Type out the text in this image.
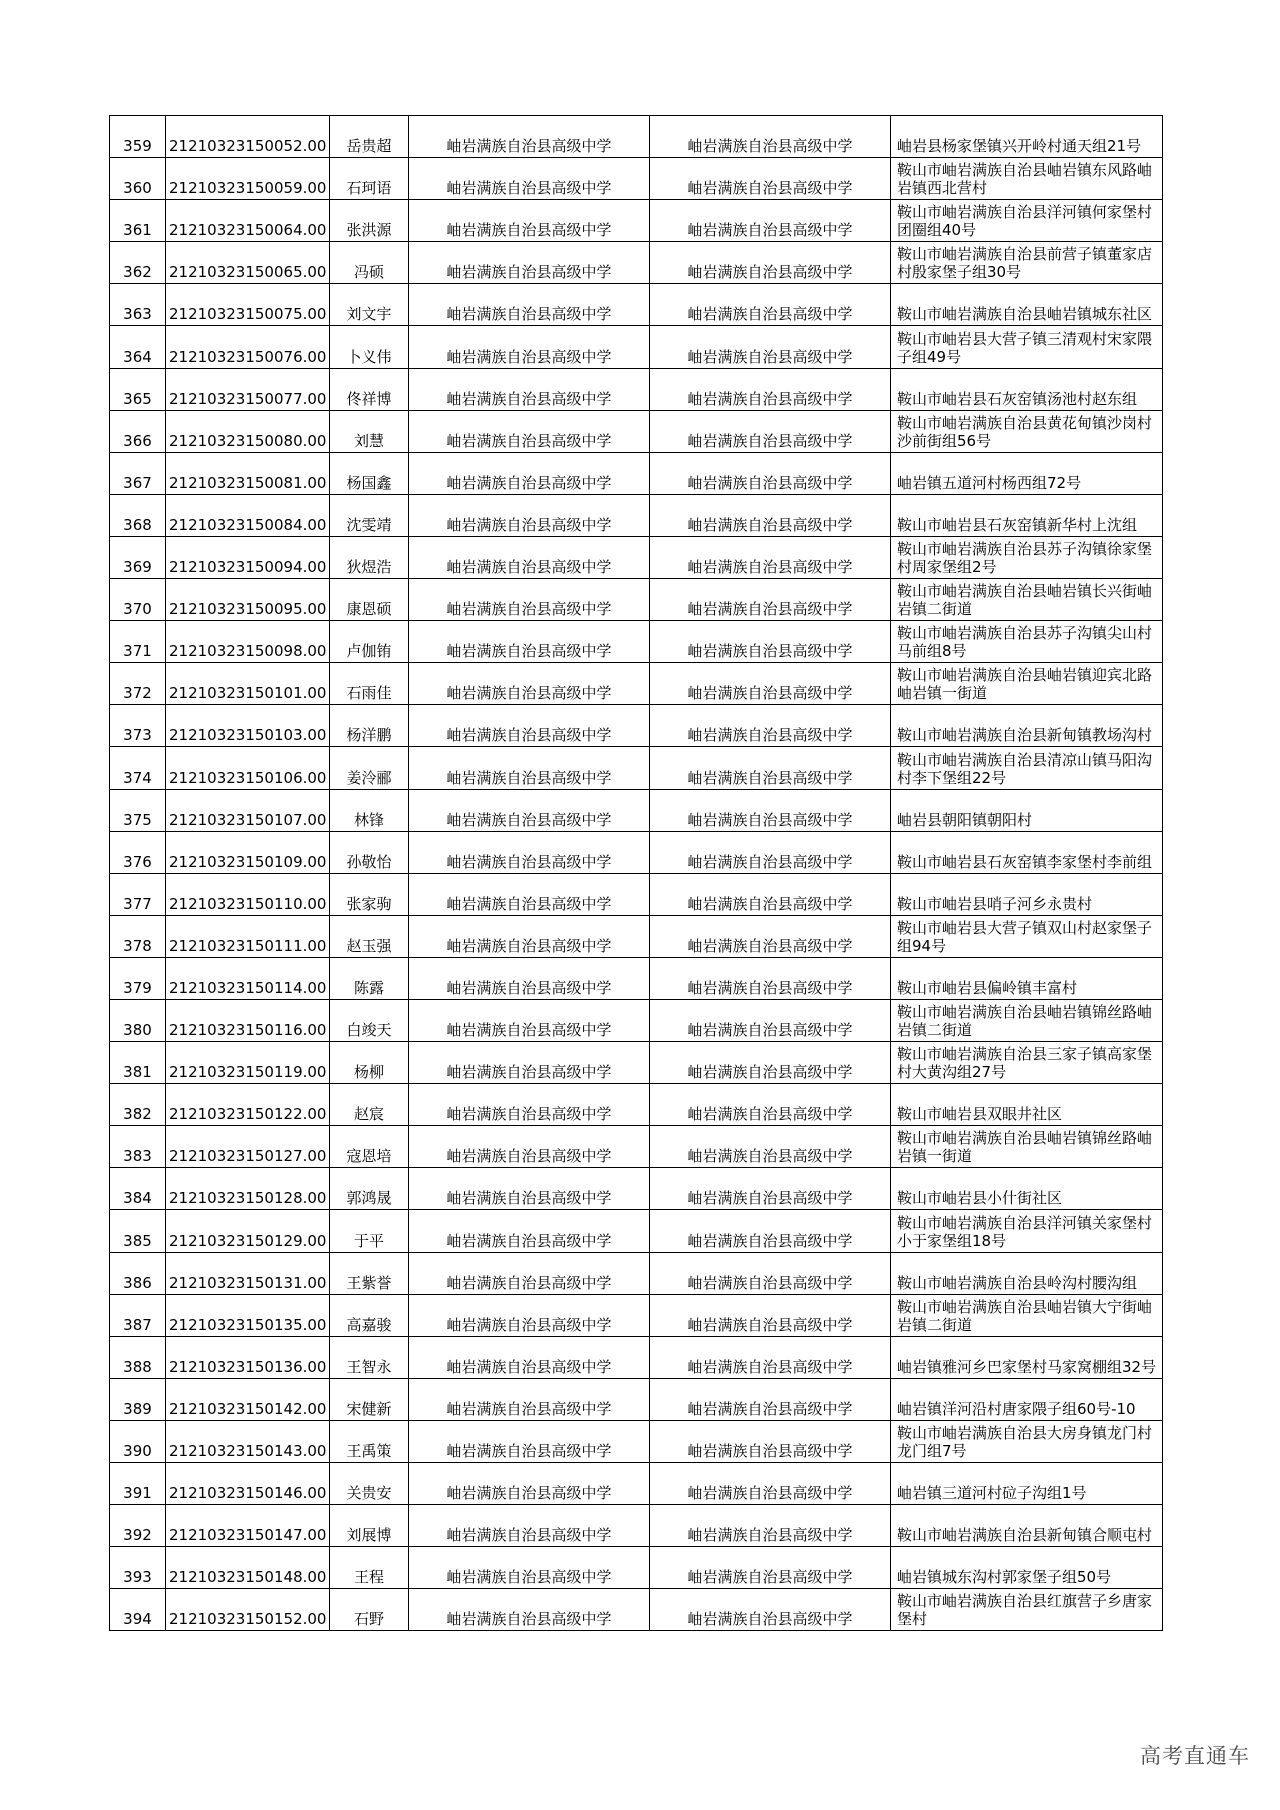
359	21210323150052.00	岳贵超	岫岩满族自治县高级中学	岫岩满族自治县高级中学	岫岩县杨家堡镇兴开岭村通天组21号

360	21210323150059.00	石珂语	岫岩满族自治县高级中学	岫岩满族自治县高级中学	鞍山市岫岩满族自治县岫岩镇东风路岫岩镇西北营村

361	21210323150064.00	张洪源	岫岩满族自治县高级中学	岫岩满族自治县高级中学	鞍山市岫岩满族自治县洋河镇何家堡村团圈组40号

362	21210323150065.00	冯硕	岫岩满族自治县高级中学	岫岩满族自治县高级中学	鞍山市岫岩满族自治县前营子镇董家店村殷家堡子组30号

363	21210323150075.00	刘文宇	岫岩满族自治县高级中学	岫岩满族自治县高级中学	鞍山市岫岩满族自治县岫岩镇城东社区

364	21210323150076.00	卜义伟	岫岩满族自治县高级中学	岫岩满族自治县高级中学	鞍山市岫岩县大营子镇三清观村宋家隈子组49号

365	21210323150077.00	佟祥博	岫岩满族自治县高级中学	岫岩满族自治县高级中学	鞍山市岫岩县石灰窑镇汤池村赵东组

366	21210323150080.00	刘慧	岫岩满族自治县高级中学	岫岩满族自治县高级中学	鞍山市岫岩满族自治县黄花甸镇沙岗村沙前街组56号

367	21210323150081.00	杨国鑫	岫岩满族自治县高级中学	岫岩满族自治县高级中学	岫岩镇五道河村杨西组72号

368	21210323150084.00	沈雯靖	岫岩满族自治县高级中学	岫岩满族自治县高级中学	鞍山市岫岩县石灰窑镇新华村上沈组

369	21210323150094.00	狄煜浩	岫岩满族自治县高级中学	岫岩满族自治县高级中学	鞍山市岫岩满族自治县苏子沟镇徐家堡村周家堡组2号

370	21210323150095.00	康恩硕	岫岩满族自治县高级中学	岫岩满族自治县高级中学	鞍山市岫岩满族自治县岫岩镇长兴街岫岩镇二街道

371	21210323150098.00	卢伽铕	岫岩满族自治县高级中学	岫岩满族自治县高级中学	鞍山市岫岩满族自治县苏子沟镇尖山村马前组8号

372	21210323150101.00	石雨佳	岫岩满族自治县高级中学	岫岩满族自治县高级中学	鞍山市岫岩满族自治县岫岩镇迎宾北路岫岩镇一街道

373	21210323150103.00	杨洋鹏	岫岩满族自治县高级中学	岫岩满族自治县高级中学	鞍山市岫岩满族自治县新甸镇教场沟村

374	21210323150106.00	姜泠郦	岫岩满族自治县高级中学	岫岩满族自治县高级中学	鞍山市岫岩满族自治县清凉山镇马阳沟村李下堡组22号

375	21210323150107.00	林锋	岫岩满族自治县高级中学	岫岩满族自治县高级中学	岫岩县朝阳镇朝阳村

376	21210323150109.00	孙敬怡	岫岩满族自治县高级中学	岫岩满族自治县高级中学	鞍山市岫岩县石灰窑镇李家堡村李前组

377	21210323150110.00	张家驹	岫岩满族自治县高级中学	岫岩满族自治县高级中学	鞍山市岫岩县哨子河乡永贵村

378	21210323150111.00	赵玉强	岫岩满族自治县高级中学	岫岩满族自治县高级中学	鞍山市岫岩县大营子镇双山村赵家堡子组94号

379	21210323150114.00	陈露	岫岩满族自治县高级中学	岫岩满族自治县高级中学	鞍山市岫岩县偏岭镇丰富村

380	21210323150116.00	白竣天	岫岩满族自治县高级中学	岫岩满族自治县高级中学	鞍山市岫岩满族自治县岫岩镇锦丝路岫岩镇二街道

381	21210323150119.00	杨柳	岫岩满族自治县高级中学	岫岩满族自治县高级中学	鞍山市岫岩满族自治县三家子镇高家堡村大黄沟组27号

382	21210323150122.00	赵宸	岫岩满族自治县高级中学	岫岩满族自治县高级中学	鞍山市岫岩县双眼井社区

383	21210323150127.00	寇恩培	岫岩满族自治县高级中学	岫岩满族自治县高级中学	鞍山市岫岩满族自治县岫岩镇锦丝路岫岩镇一街道

384	21210323150128.00	郭鸿晟	岫岩满族自治县高级中学	岫岩满族自治县高级中学	鞍山市岫岩县小什街社区

385	21210323150129.00	于平	岫岩满族自治县高级中学	岫岩满族自治县高级中学	鞍山市岫岩满族自治县洋河镇关家堡村小于家堡组18号

386	21210323150131.00	王紫誉	岫岩满族自治县高级中学	岫岩满族自治县高级中学	鞍山市岫岩满族自治县岭沟村腰沟组

387	21210323150135.00	高嘉骏	岫岩满族自治县高级中学	岫岩满族自治县高级中学	鞍山市岫岩满族自治县岫岩镇大宁街岫岩镇二街道

388	21210323150136.00	王智永	岫岩满族自治县高级中学	岫岩满族自治县高级中学	岫岩镇雅河乡巴家堡村马家窝棚组32号

389	21210323150142.00	宋健新	岫岩满族自治县高级中学	岫岩满族自治县高级中学	岫岩镇洋河沿村唐家隈子组60号-10

390	21210323150143.00	王禹策	岫岩满族自治县高级中学	岫岩满族自治县高级中学	鞍山市岫岩满族自治县大房身镇龙门村龙门组7号

391	21210323150146.00	关贵安	岫岩满族自治县高级中学	岫岩满族自治县高级中学	岫岩镇三道河村砬子沟组1号

392	21210323150147.00	刘展博	岫岩满族自治县高级中学	岫岩满族自治县高级中学	鞍山市岫岩满族自治县新甸镇合顺屯村

393	21210323150148.00	王程	岫岩满族自治县高级中学	岫岩满族自治县高级中学	岫岩镇城东沟村郭家堡子组50号

394	21210323150152.00	石野	岫岩满族自治县高级中学	岫岩满族自治县高级中学	鞍山市岫岩满族自治县红旗营子乡唐家堡村
高考直通车
